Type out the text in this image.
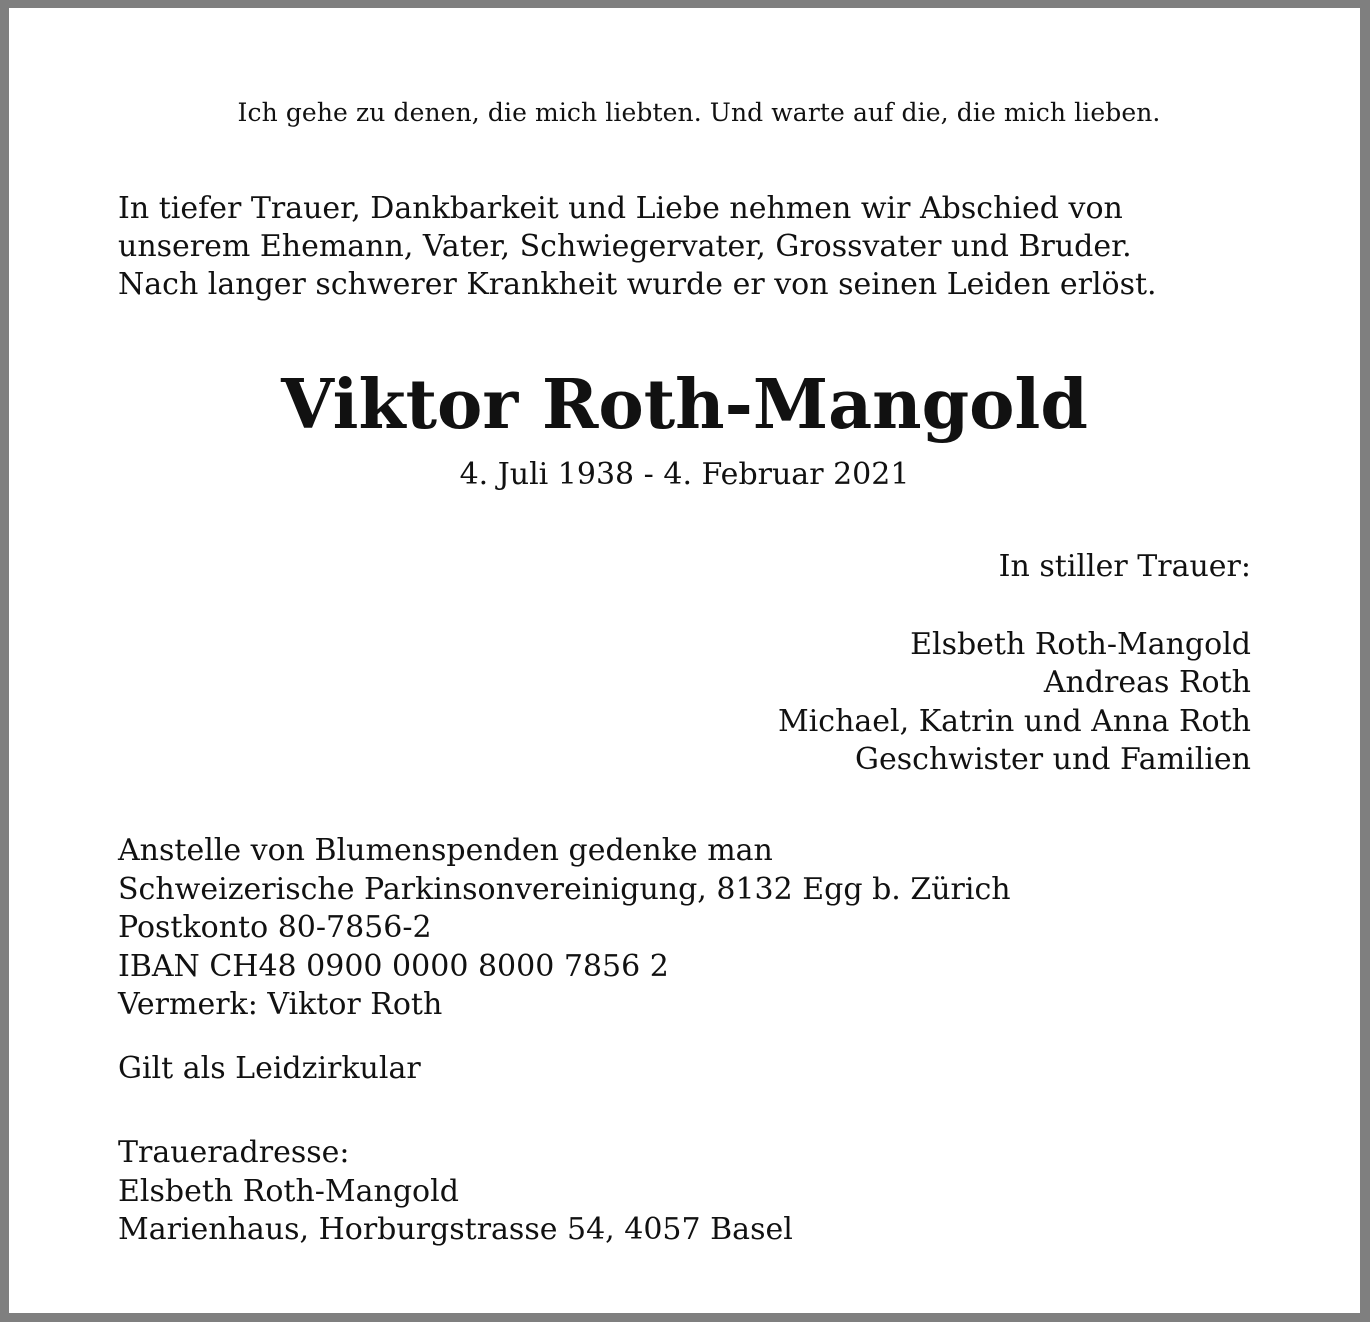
Ich gehe zu denen, die mich liebten. Und warte auf die, die mich lieben.
In tiefer Trauer, Dankbarkeit und Liebe nehmen wir Abschied von
unserem Ehemann, Vater, Schwiegervater, Grossvater und Bruder.
Nach langer schwerer Krankheit wurde er von seinen Leiden erlöst.
Viktor Roth-Mangold
4. Juli 1938 - 4. Februar 2021
In stiller Trauer:
Elsbeth Roth-Mangold
Andreas Roth
Michael, Katrin und Anna Roth
Geschwister und Familien
Anstelle von Blumenspenden gedenke man
Schweizerische Parkinsonvereinigung, 8132 Egg b. Zürich
Postkonto 80-7856-2
IBAN CH48 0900 0000 8000 7856 2
Vermerk: Viktor Roth
Gilt als Leidzirkular
Traueradresse:
Elsbeth Roth-Mangold
Marienhaus, Horburgstrasse 54, 4057 Basel
